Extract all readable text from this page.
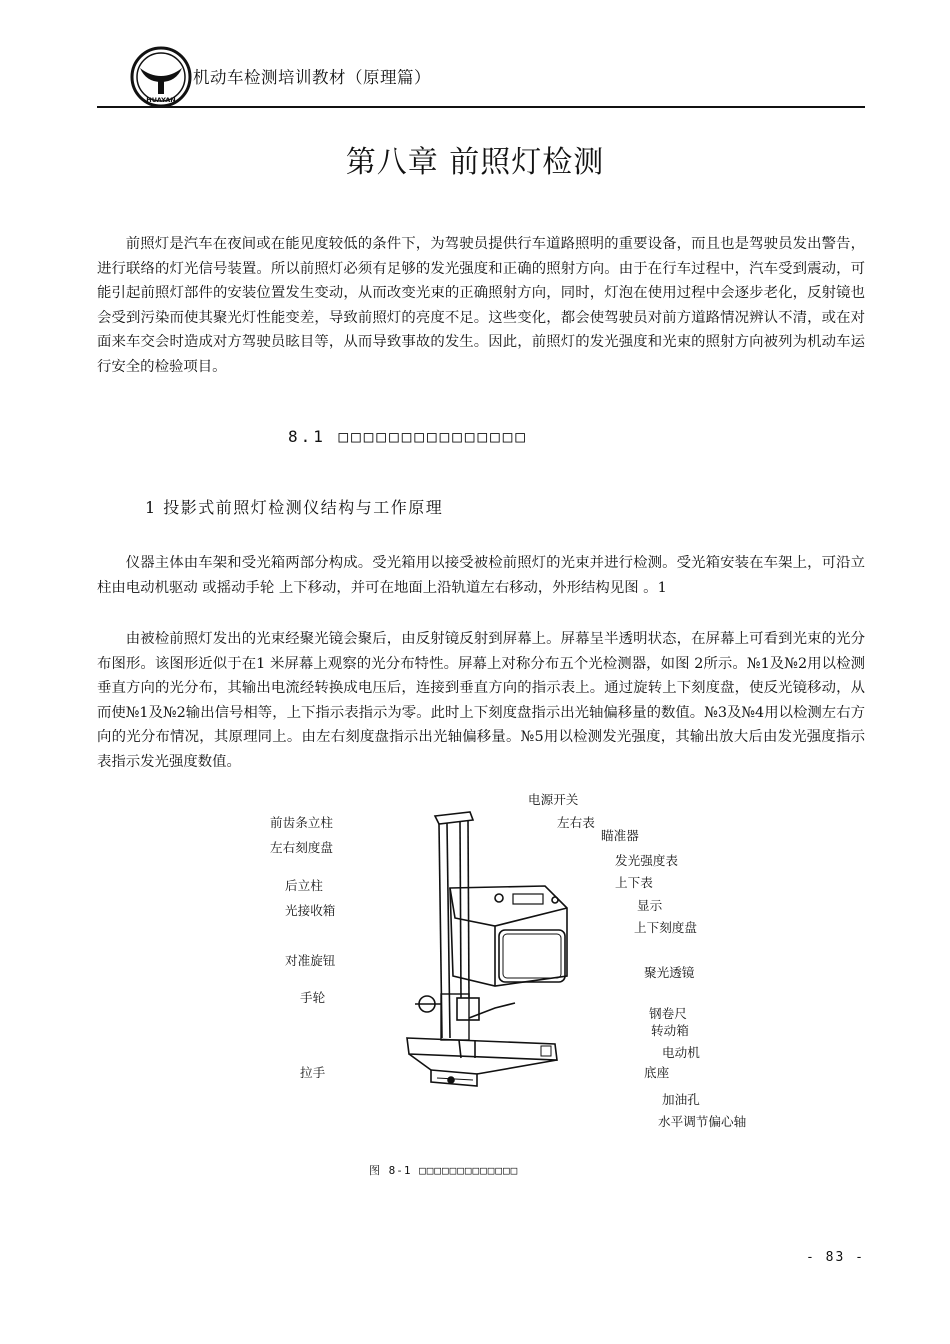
HUAYAN
机动车检测培训教材（原理篇）
第八章 前照灯检测

前照灯是汽车在夜间或在能见度较低的条件下，为驾驶员提供行车道路照明的重要设备，而且也是驾驶员发出警告，进行联络的灯光信号装置。所以前照灯必须有足够的发光强度和正确的照射方向。由于在行车过程中，汽车受到震动，可能引起前照灯部件的安装位置发生变动，从而改变光束的正确照射方向，同时，灯泡在使用过程中会逐步老化，反射镜也会受到污染而使其聚光灯性能变差，导致前照灯的亮度不足。这些变化，都会使驾驶员对前方道路情况辨认不清，或在对面来车交会时造成对方驾驶员眩目等，从而导致事故的发生。因此，前照灯的发光强度和光束的照射方向被列为机动车运行安全的检验项目。

8.1 □□□□□□□□□□□□□□□
1 投影式前照灯检测仪结构与工作原理

仪器主体由车架和受光箱两部分构成。受光箱用以接受被检前照灯的光束并进行检测。受光箱安装在车架上，可沿立柱由电动机驱动 或摇动手轮 上下移动，并可在地面上沿轨道左右移动，外形结构见图 。1

由被检前照灯发出的光束经聚光镜会聚后，由反射镜反射到屏幕上。屏幕呈半透明状态，在屏幕上可看到光束的光分布图形。该图形近似于在1 米屏幕上观察的光分布特性。屏幕上对称分布五个光检测器，如图 2所示。№1及№2用以检测垂直方向的光分布，其输出电流经转换成电压后，连接到垂直方向的指示表上。通过旋转上下刻度盘，使反光镜移动，从而使№1及№2输出信号相等，上下指示表指示为零。此时上下刻度盘指示出光轴偏移量的数值。№3及№4用以检测左右方向的光分布情况，其原理同上。由左右刻度盘指示出光轴偏移量。№5用以检测发光强度，其输出放大后由发光强度指示表指示发光强度数值。

前齿条立柱
左右刻度盘
后立柱
光接收箱
对准旋钮
手轮
拉手
电源开关
左右表
瞄准器
发光强度表
上下表
显示
上下刻度盘
聚光透镜
钢卷尺
转动箱
电动机
底座
加油孔
水平调节偏心轴
图 8-1 □□□□□□□□□□□□□
- 83 -
